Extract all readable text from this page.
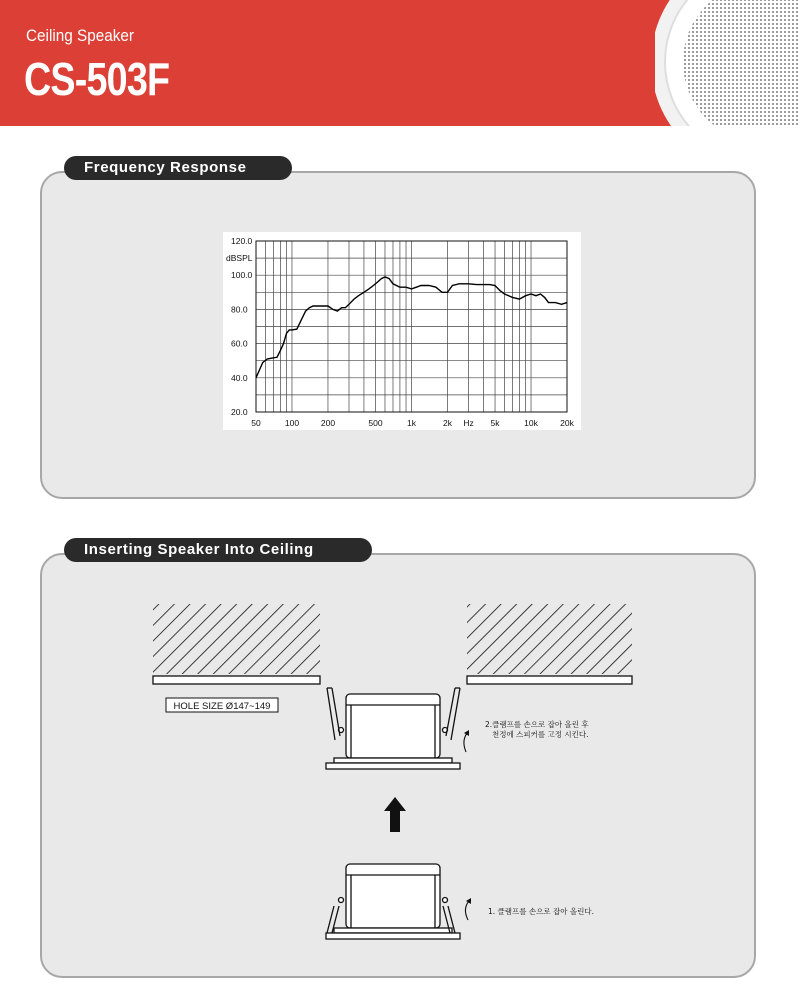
Ceiling Speaker
CS-503F
Frequency Response
120.0
100.0
80.0
60.0
40.0
20.0
dBSPL
50	100	200	500	1k	2k	5k	10k	20k
Hz
Inserting Speaker Into Ceiling
HOLE SIZE Ø147~149
2.클램프를 손으로 잡아 올린 후
천정에 스피커를 고정 시킨다.
1. 클램프를 손으로 잡아 올린다.
